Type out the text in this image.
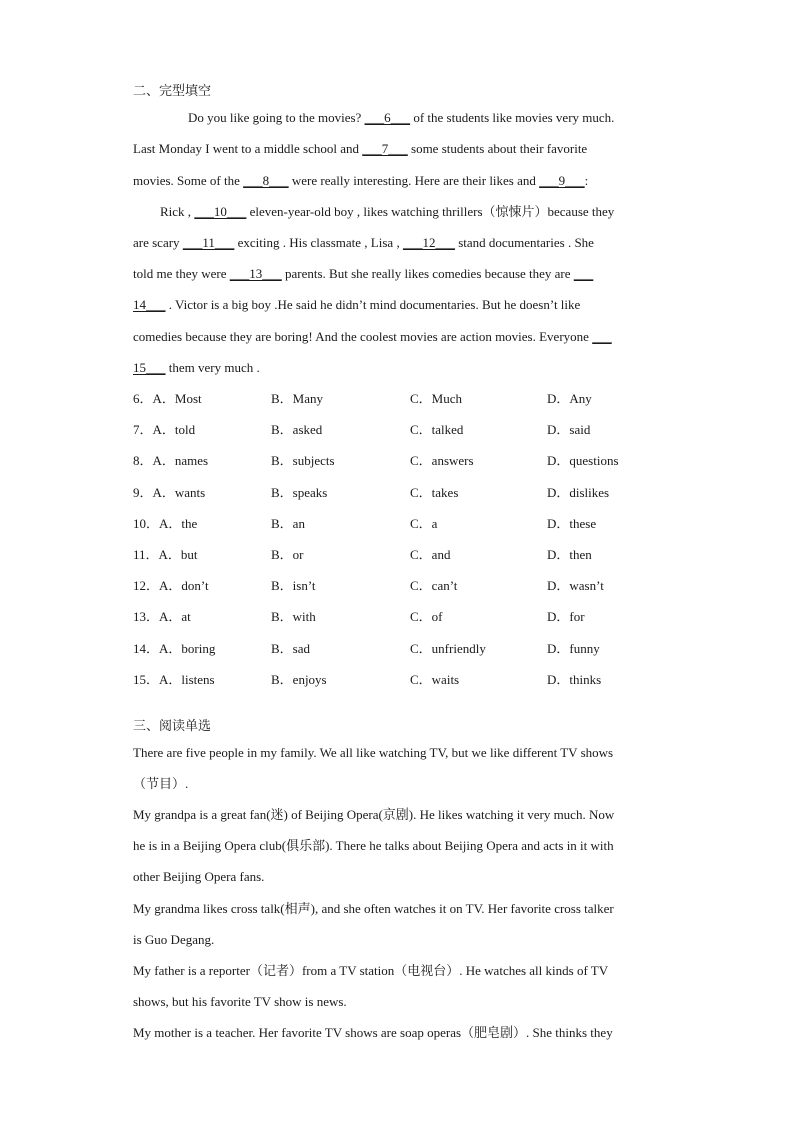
二、完型填空
Do you like going to the movies? ___6___ of the students like movies very much.
Last Monday I went to a middle school and ___7___ some students about their favorite
movies. Some of the ___8___ were really interesting. Here are their likes and ___9___:
Rick , ___10___ eleven-year-old boy , likes watching thrillers（惊悚片）because they
are scary ___11___ exciting . His classmate , Lisa , ___12___ stand documentaries . She
told me they were ___13___ parents. But she really likes comedies because they are ___
14___ . Victor is a big boy .He said he didn’t mind documentaries. But he doesn’t like
comedies because they are boring! And the coolest movies are action movies. Everyone ___
15___ them very much .
6．A．Most	B．Many	C．Much	D．Any
7．A．told	B．asked	C．talked	D．said
8．A．names	B．subjects	C．answers	D．questions
9．A．wants	B．speaks	C．takes	D．dislikes
10．A．the	B．an	C．a	D．these
11．A．but	B．or	C．and	D．then
12．A．don’t	B．isn’t	C．can’t	D．wasn’t
13．A．at	B．with	C．of	D．for
14．A．boring	B．sad	C．unfriendly	D．funny
15．A．listens	B．enjoys	C．waits	D．thinks
三、阅读单选
There are five people in my family. We all like watching TV, but we like different TV shows
（节目）.
My grandpa is a great fan(迷) of Beijing Opera(京剧). He likes watching it very much. Now
he is in a Beijing Opera club(俱乐部). There he talks about Beijing Opera and acts in it with
other Beijing Opera fans.
My grandma likes cross talk(相声), and she often watches it on TV. Her favorite cross talker
is Guo Degang.
My father is a reporter（记者）from a TV station（电视台）. He watches all kinds of TV
shows, but his favorite TV show is news.
My mother is a teacher. Her favorite TV shows are soap operas（肥皂剧）. She thinks they
